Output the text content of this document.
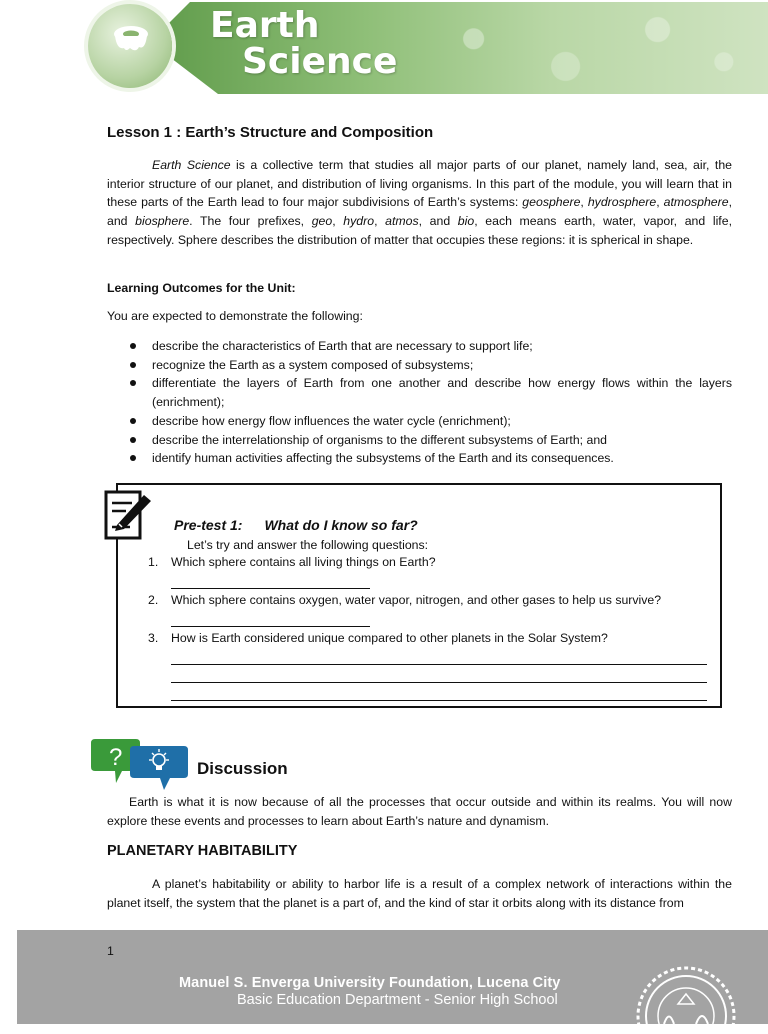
Earth
Science
Lesson 1 : Earth’s Structure and Composition

Earth Science is a collective term that studies all major parts of our planet, namely land, sea, air, the interior structure of our planet, and distribution of living organisms. In this part of the module, you will learn that in these parts of the Earth lead to four major subdivisions of Earth’s systems: geosphere, hydrosphere, atmosphere, and biosphere. The four prefixes, geo, hydro, atmos, and bio, each means earth, water, vapor, and life, respectively. Sphere describes the distribution of matter that occupies these regions: it is spherical in shape.

Learning Outcomes for the Unit:
You are expected to demonstrate the following:
describe the characteristics of Earth that are necessary to support life;
recognize the Earth as a system composed of subsystems;
differentiate the layers of Earth from one another and describe how energy flows within the layers (enrichment);
describe how energy flow influences the water cycle (enrichment);
describe the interrelationship of organisms to the different subsystems of Earth; and
identify human activities affecting the subsystems of the Earth and its consequences.
Pre-test 1: What do I know so far?
Let’s try and answer the following questions:
1. Which sphere contains all living things on Earth?
2. Which sphere contains oxygen, water vapor, nitrogen, and other gases to help us survive?
3. How is Earth considered unique compared to other planets in the Solar System?
?	Discussion

Earth is what it is now because of all the processes that occur outside and within its realms. You will now explore these events and processes to learn about Earth’s nature and dynamism.

PLANETARY HABITABILITY

A planet’s habitability or ability to harbor life is a result of a complex network of interactions within the planet itself, the system that the planet is a part of, and the kind of star it orbits along with its distance from

1
Manuel S. Enverga University Foundation, Lucena City
Basic Education Department - Senior High School
